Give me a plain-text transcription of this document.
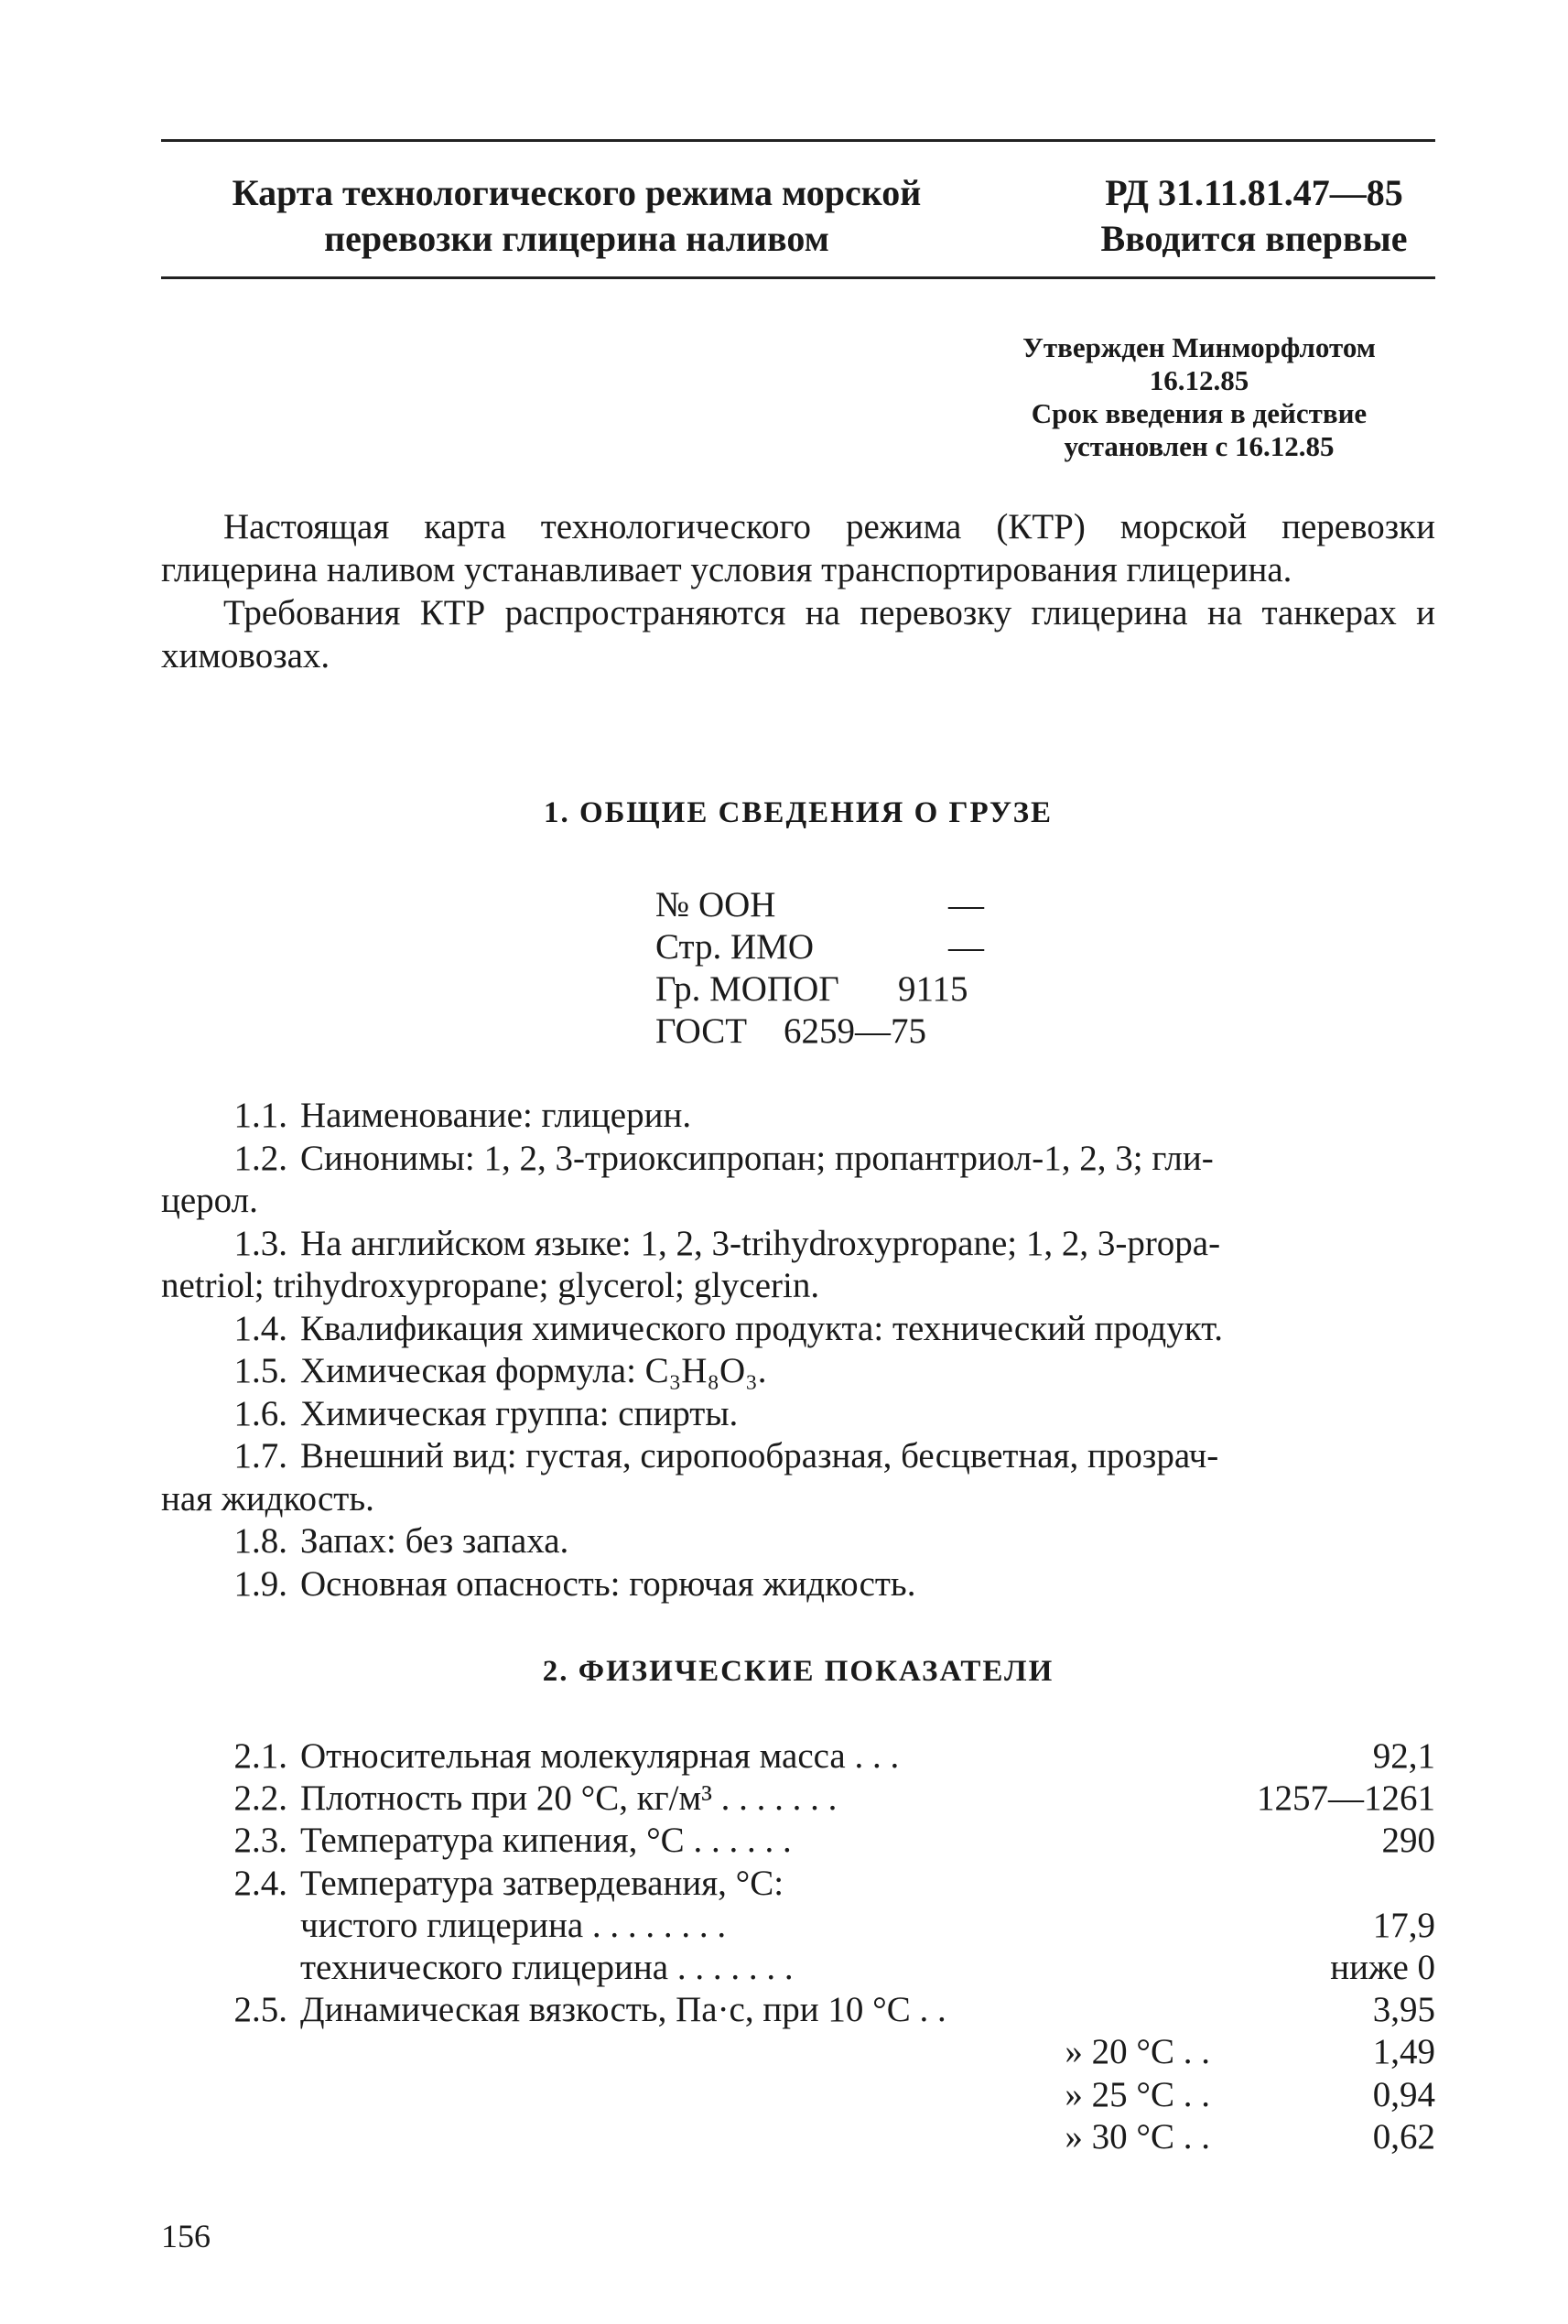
Карта технологического режима морской
перевозки глицерина наливом
РД 31.11.81.47—85
Вводится впервые
Утвержден Минморфлотом
16.12.85
Срок введения в действие
установлен с 16.12.85

Настоящая карта технологического режима (КТР) морской перевозки глицерина наливом устанавливает условия транспортирования глицерина.

Требования КТР распространяются на перевозку глицерина на танкерах и химовозах.

1. ОБЩИЕ СВЕДЕНИЯ О ГРУЗЕ
№ ООН	—
Стр. ИМО	—
Гр. МОПОГ	9115
ГОСТ	6259—75
1.1. Наименование: глицерин.
1.2. Синонимы: 1, 2, 3-триоксипропан; пропантриол-1, 2, 3; гли-
церол.
1.3. На английском языке: 1, 2, 3-trihydroxypropane; 1, 2, 3-propa-
netriol; trihydroxypropane; glycerol; glycerin.
1.4. Квалификация химического продукта: технический продукт.
1.5. Химическая формула: C₃H₈O₃.
1.6. Химическая группа: спирты.
1.7. Внешний вид: густая, сиропообразная, бесцветная, прозрач-
ная жидкость.
1.8. Запах: без запаха.
1.9. Основная опасность: горючая жидкость.
2. ФИЗИЧЕСКИЕ ПОКАЗАТЕЛИ
2.1. Относительная молекулярная масса . . .	92,1
2.2. Плотность при 20 °С, кг/м³ . . . . . . .	1257—1261
2.3. Температура кипения, °С . . . . . .	290
2.4. Температура затвердевания, °С:
чистого глицерина . . . . . . . .	17,9
технического глицерина . . . . . . .	ниже 0
2.5. Динамическая вязкость, Па·с, при 10 °С . .	3,95
» 20 °С . .	1,49
» 25 °С . .	0,94
» 30 °С . .	0,62
156
